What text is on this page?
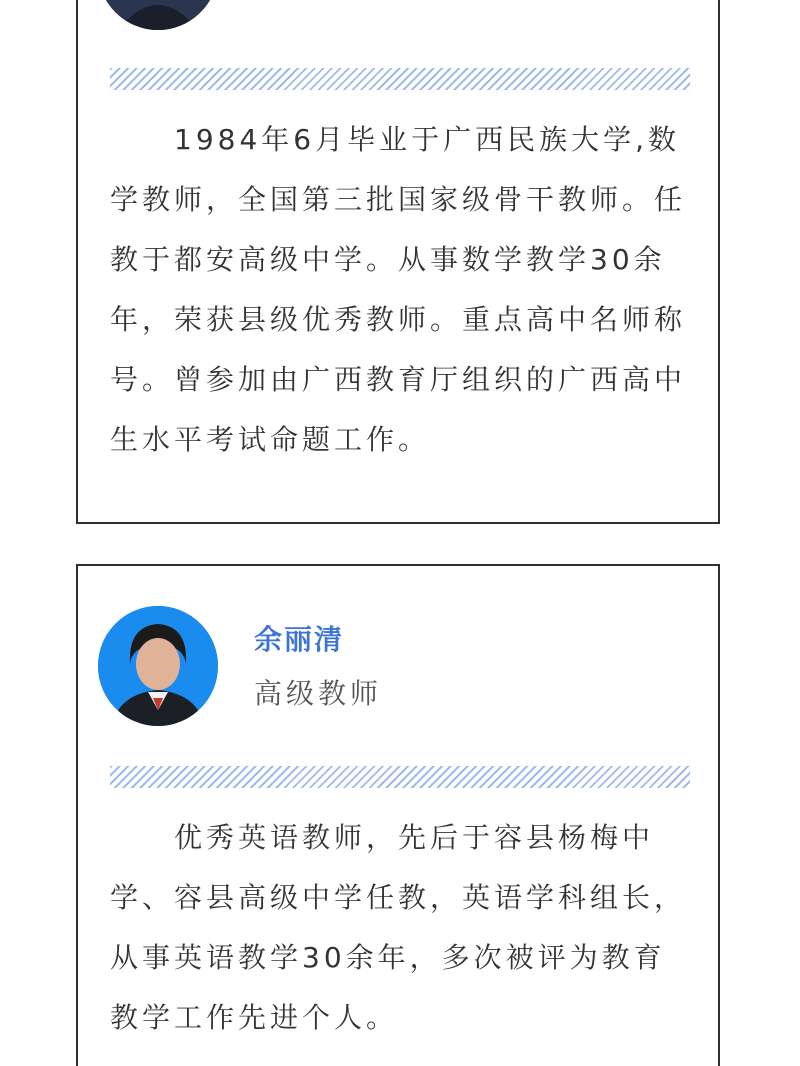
1984年6月毕业于广西民族大学,数学教师，全国第三批国家级骨干教师。任教于都安高级中学。从事数学教学30余年，荣获县级优秀教师。重点高中名师称号。曾参加由广西教育厅组织的广西高中生水平考试命题工作。

余丽清
高级教师

优秀英语教师，先后于容县杨梅中学、容县高级中学任教，英语学科组长，从事英语教学30余年，多次被评为教育教学工作先进个人。
